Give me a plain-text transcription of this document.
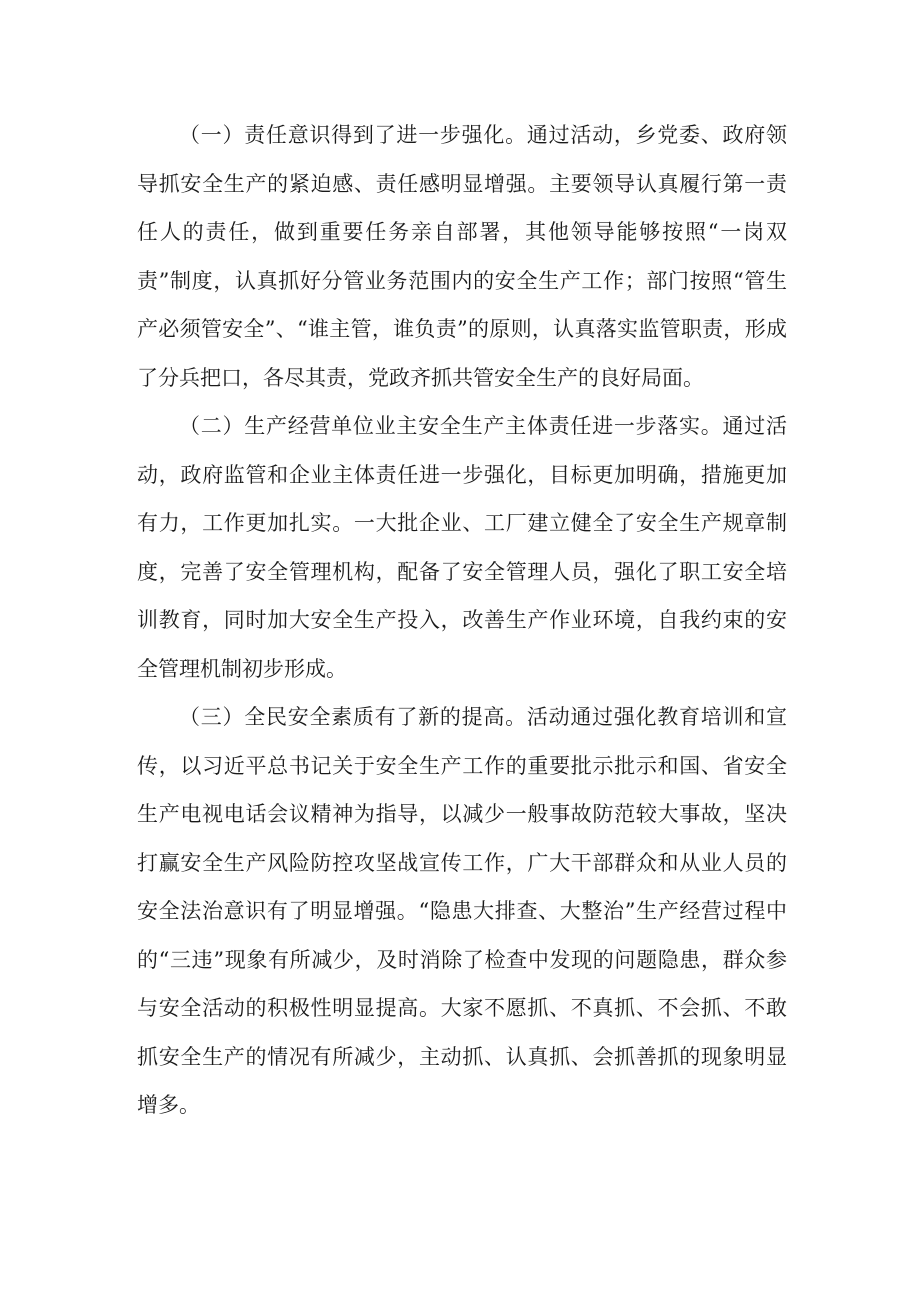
（一）责任意识得到了进一步强化。通过活动，乡党委、政府领导抓安全生产的紧迫感、责任感明显增强。主要领导认真履行第一责任人的责任，做到重要任务亲自部署，其他领导能够按照“一岗双责”制度，认真抓好分管业务范围内的安全生产工作；部门按照“管生产必须管安全”、“谁主管，谁负责”的原则，认真落实监管职责，形成了分兵把口，各尽其责，党政齐抓共管安全生产的良好局面。

（二）生产经营单位业主安全生产主体责任进一步落实。通过活动，政府监管和企业主体责任进一步强化，目标更加明确，措施更加有力，工作更加扎实。一大批企业、工厂建立健全了安全生产规章制度，完善了安全管理机构，配备了安全管理人员，强化了职工安全培训教育，同时加大安全生产投入，改善生产作业环境，自我约束的安全管理机制初步形成。

（三）全民安全素质有了新的提高。活动通过强化教育培训和宣传，以习近平总书记关于安全生产工作的重要批示批示和国、省安全生产电视电话会议精神为指导，以减少一般事故防范较大事故，坚决打赢安全生产风险防控攻坚战宣传工作，广大干部群众和从业人员的安全法治意识有了明显增强。“隐患大排查、大整治”生产经营过程中的“三违”现象有所减少，及时消除了检查中发现的问题隐患，群众参与安全活动的积极性明显提高。大家不愿抓、不真抓、不会抓、不敢抓安全生产的情况有所减少，主动抓、认真抓、会抓善抓的现象明显增多。
